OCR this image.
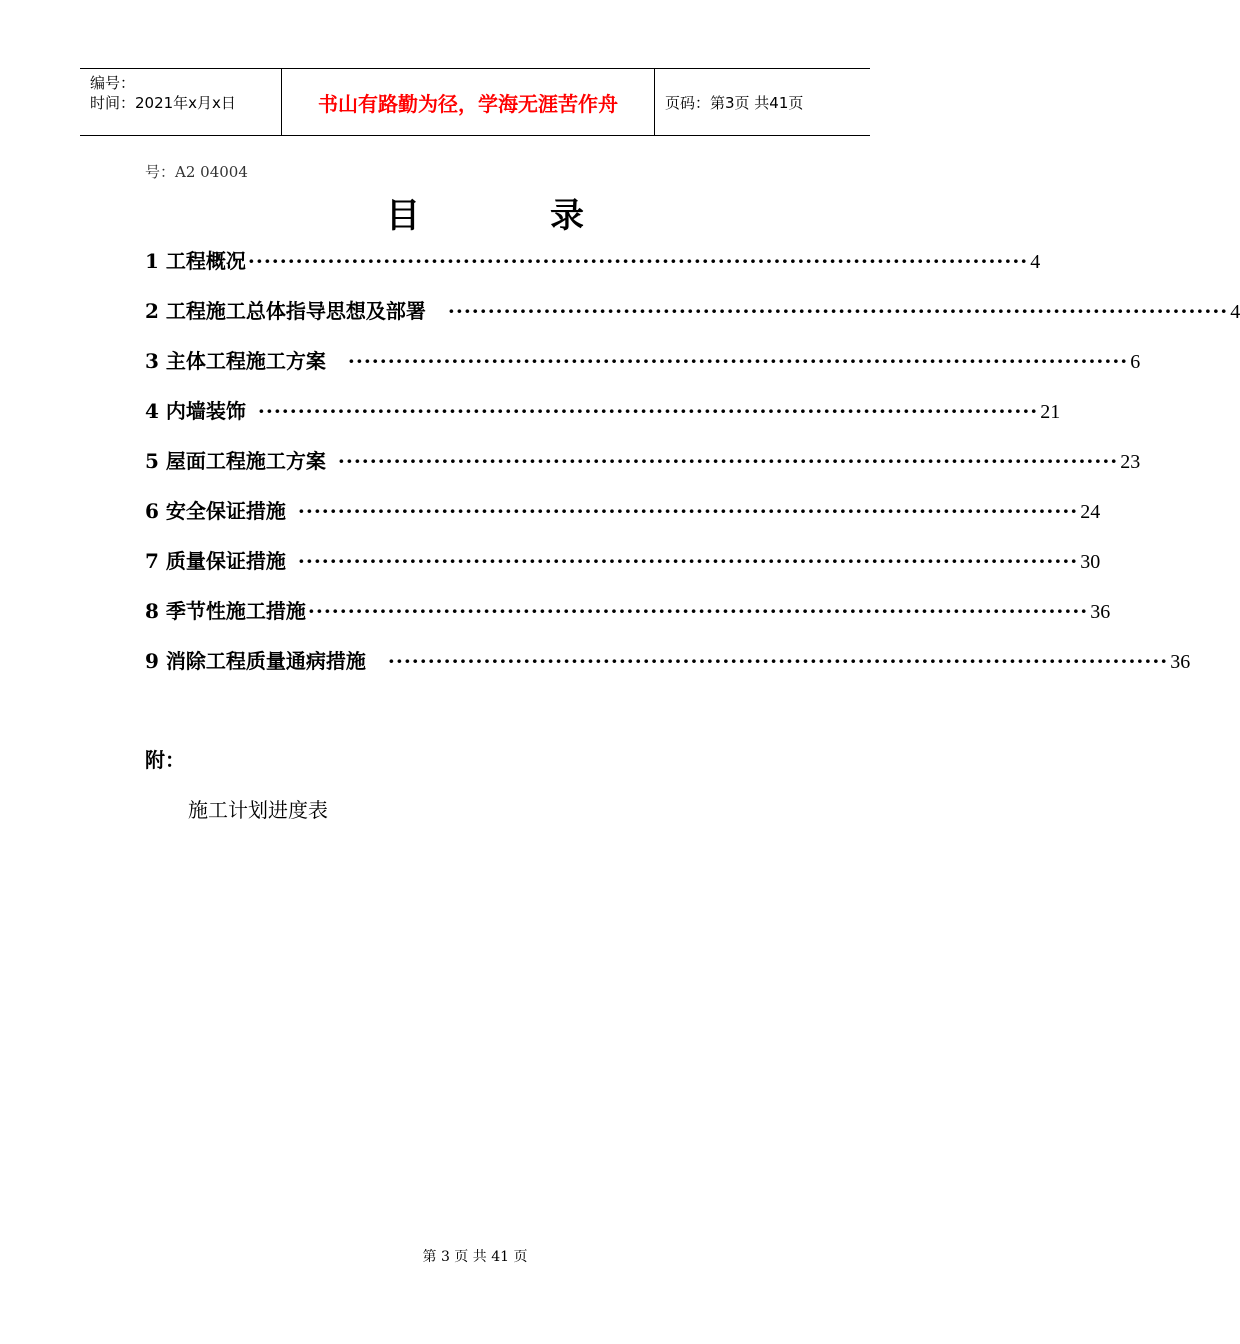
编号：
时间：2021年x月x日	书山有路勤为径，学海无涯苦作舟	页码：第3页 共41页
号：A2 04004
目	录
1 工程概况 ·································································································· 4
2 工程施工总体指导思想及部署 ·································································································· 4
3 主体工程施工方案 ·································································································· 6
4 内墙装饰 ·································································································· 21
5 屋面工程施工方案 ·································································································· 23
6 安全保证措施 ·································································································· 24
7 质量保证措施 ·································································································· 30
8 季节性施工措施 ·································································································· 36
9 消除工程质量通病措施 ·································································································· 36
附：
施工计划进度表
第 3 页 共 41 页
